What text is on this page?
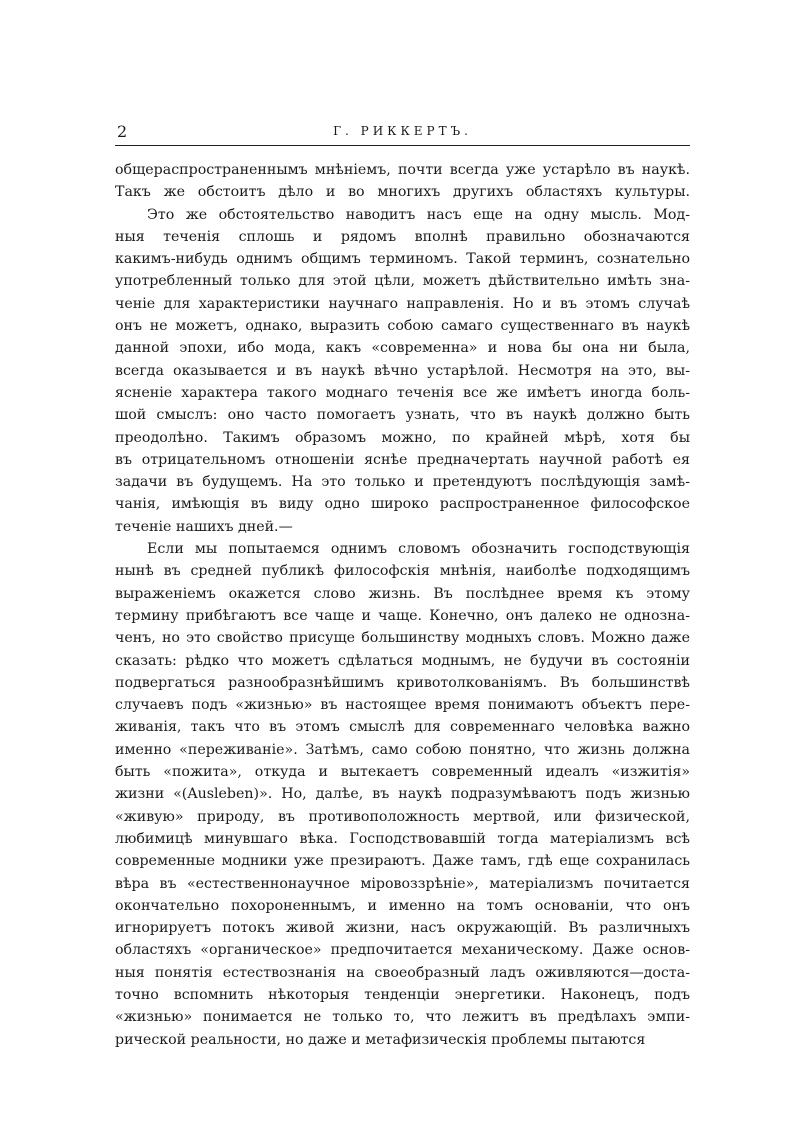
2	Г. РИККЕРТЪ.
общераспространеннымъ мнѣніемъ, почти всегда уже устарѣло въ наукѣ.
Такъ же обстоитъ дѣло и во многихъ другихъ областяхъ культуры.
Это же обстоятельство наводитъ насъ еще на одну мысль. Мод-
ныя теченія сплошь и рядомъ вполнѣ правильно обозначаются
какимъ-нибудь однимъ общимъ терминомъ. Такой терминъ, сознательно
употребленный только для этой цѣли, можетъ дѣйствительно имѣть зна-
ченіе для характеристики научнаго направленія. Но и въ этомъ случаѣ
онъ не можетъ, однако, выразить собою самаго существеннаго въ наукѣ
данной эпохи, ибо мода, какъ «современна» и нова бы она ни была,
всегда оказывается и въ наукѣ вѣчно устарѣлой. Несмотря на это, вы-
ясненіе характера такого моднаго теченія все же имѣетъ иногда боль-
шой смыслъ: оно часто помогаетъ узнать, что въ наукѣ должно быть
преодолѣно. Такимъ образомъ можно, по крайней мѣрѣ, хотя бы
въ отрицательномъ отношеніи яснѣе предначертать научной работѣ ея
задачи въ будущемъ. На это только и претендуютъ послѣдующія замѣ-
чанія, имѣющія въ виду одно широко распространенное философское
теченіе нашихъ дней.—
Если мы попытаемся однимъ словомъ обозначить господствующія
нынѣ въ средней публикѣ философскія мнѣнія, наиболѣе подходящимъ
выраженіемъ окажется слово жизнь. Въ послѣднее время къ этому
термину прибѣгаютъ все чаще и чаще. Конечно, онъ далеко не однозна-
ченъ, но это свойство присуще большинству модныхъ словъ. Можно даже
сказать: рѣдко что можетъ сдѣлаться моднымъ, не будучи въ состояніи
подвергаться разнообразнѣйшимъ кривотолкованіямъ. Въ большинствѣ
случаевъ подъ «жизнью» въ настоящее время понимаютъ объектъ пере-
живанія, такъ что въ этомъ смыслѣ для современнаго человѣка важно
именно «переживаніе». Затѣмъ, само собою понятно, что жизнь должна
быть «пожита», откуда и вытекаетъ современный идеалъ «изжитія»
жизни «(Ausleben)». Но, далѣе, въ наукѣ подразумѣваютъ подъ жизнью
«живую» природу, въ противоположность мертвой, или физической,
любимицѣ минувшаго вѣка. Господствовавшій тогда матеріализмъ всѣ
современные модники уже презираютъ. Даже тамъ, гдѣ еще сохранилась
вѣра въ «естественнонаучное міровоззрѣніе», матеріализмъ почитается
окончательно похороненнымъ, и именно на томъ основаніи, что онъ
игнорируетъ потокъ живой жизни, насъ окружающій. Въ различныхъ
областяхъ «органическое» предпочитается механическому. Даже основ-
ныя понятія естествознанія на своеобразный ладъ оживляются—доста-
точно вспомнить нѣкоторыя тенденціи энергетики. Наконецъ, подъ
«жизнью» понимается не только то, что лежитъ въ предѣлахъ эмпи-
рической реальности, но даже и метафизическія проблемы пытаются
